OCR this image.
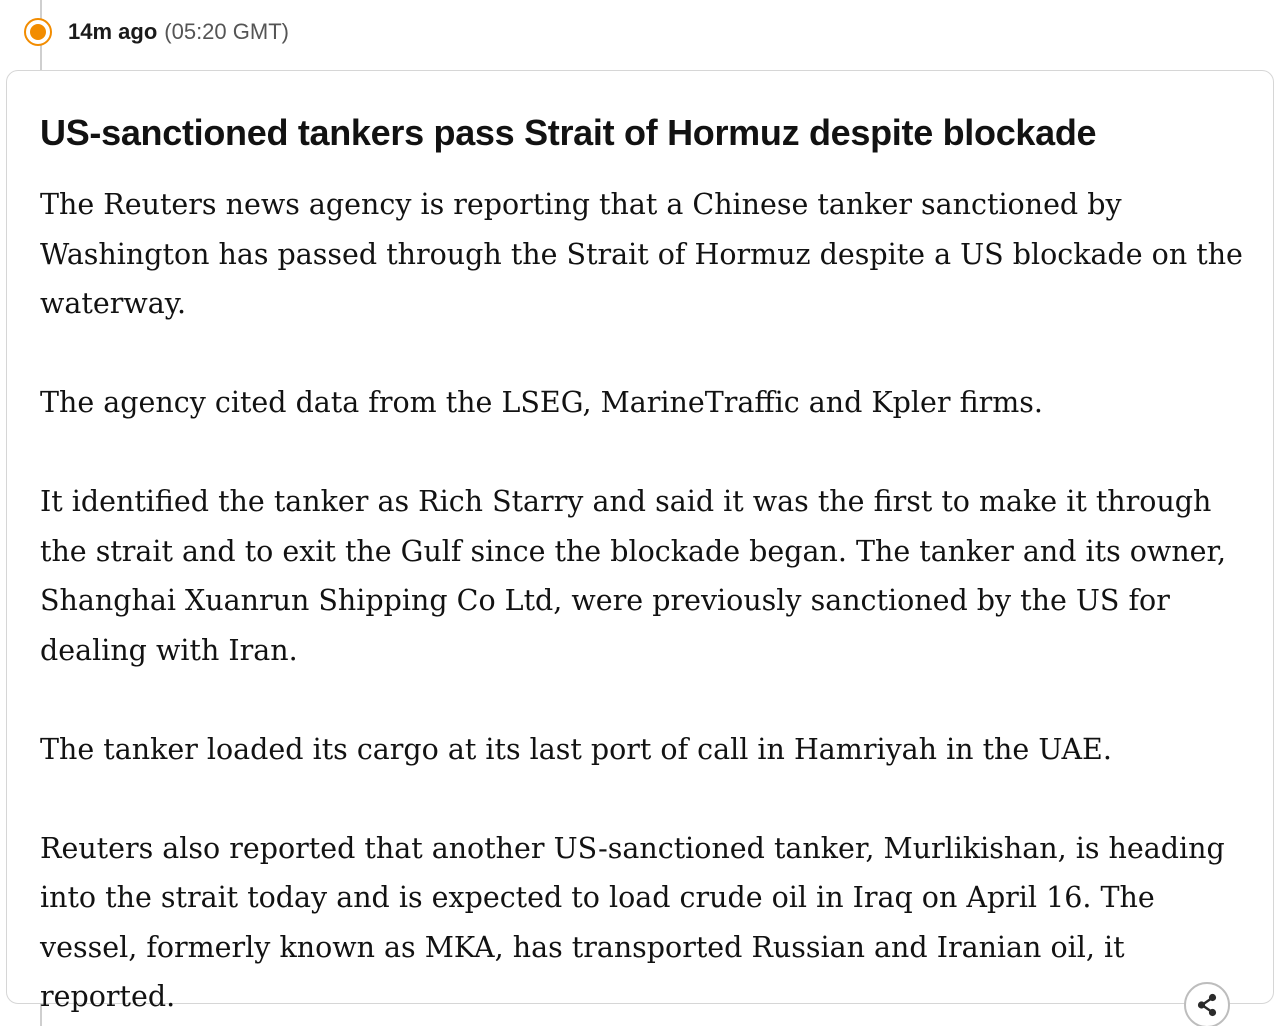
14m ago (05:20 GMT)
US-sanctioned tankers pass Strait of Hormuz despite blockade

The Reuters news agency is reporting that a Chinese tanker sanctioned by Washington has passed through the Strait of Hormuz despite a US blockade on the waterway.

The agency cited data from the LSEG, MarineTraffic and Kpler firms.

It identified the tanker as Rich Starry and said it was the first to make it through the strait and to exit the Gulf since the blockade began. The tanker and its owner, Shanghai Xuanrun Shipping Co Ltd, were previously sanctioned by the US for dealing with Iran.

The tanker loaded its cargo at its last port of call in Hamriyah in the UAE.

Reuters also reported that another US-sanctioned tanker, Murlikishan, is heading into the strait today and is expected to load crude oil in Iraq on April 16. The vessel, formerly known as MKA, has transported Russian and Iranian oil, it reported.
